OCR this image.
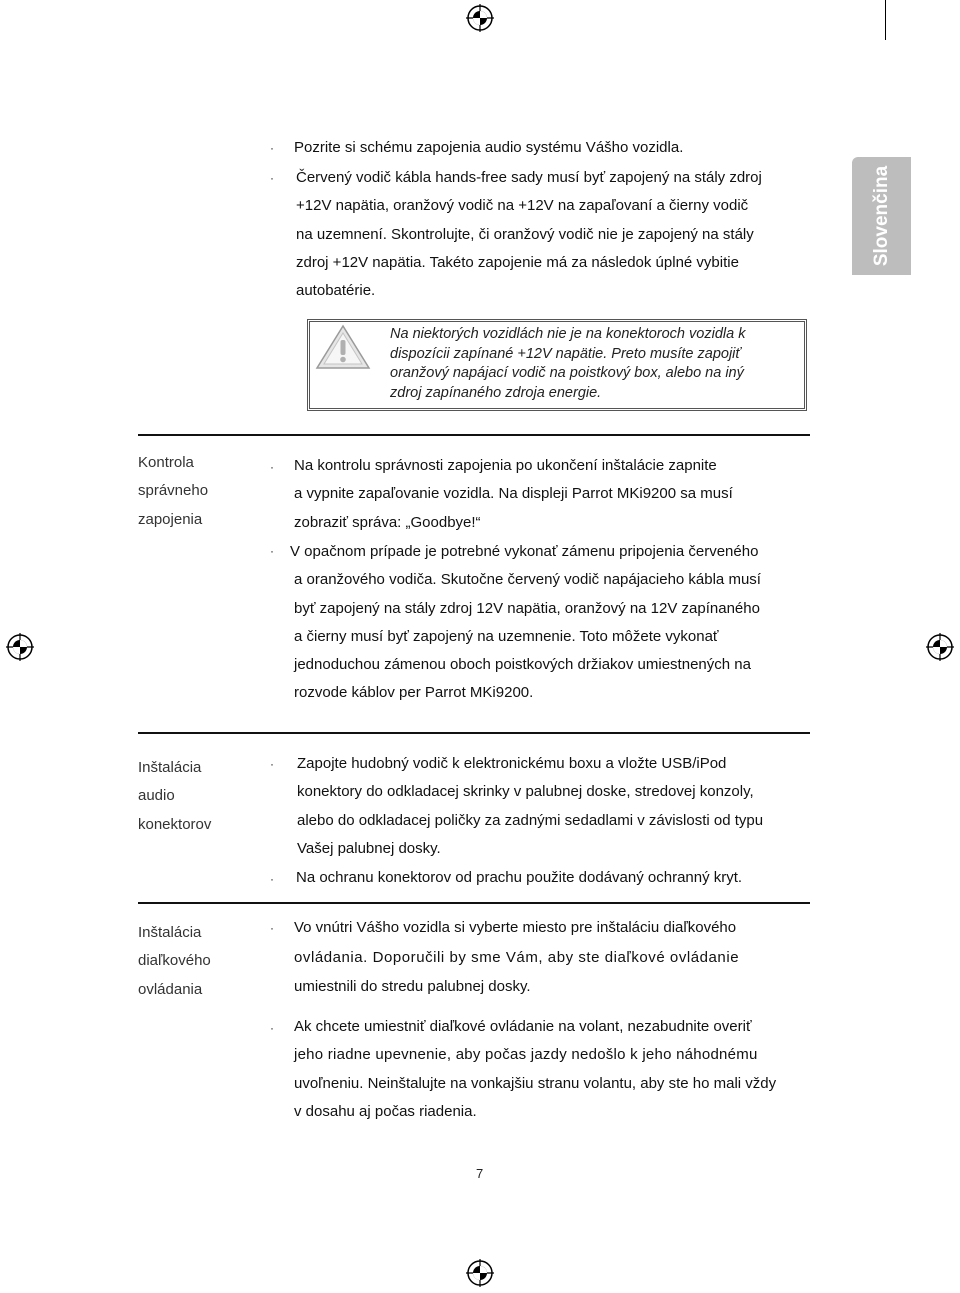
Slovenčina
· Pozrite si schému zapojenia audio systému Vášho vozidla.
· Červený vodič kábla hands-free sady musí byť zapojený na stály zdroj
+12V napätia, oranžový vodič na +12V na zapaľovaní a čierny vodič
na uzemnení. Skontrolujte, či oranžový vodič nie je zapojený na stály
zdroj +12V napätia. Takéto zapojenie má za následok úplné vybitie
autobatérie.
Na niektorých vozidlách nie je na konektoroch vozidla k
dispozícii zapínané +12V napätie. Preto musíte zapojiť
oranžový napájací vodič na poistkový box, alebo na iný
zdroj zapínaného zdroja energie.
Kontrola
správneho
zapojenia
· Na kontrolu správnosti zapojenia po ukončení inštalácie zapnite
a vypnite zapaľovanie vozidla. Na displeji Parrot MKi9200 sa musí
zobraziť správa: „Goodbye!“
· V opačnom prípade je potrebné vykonať zámenu pripojenia červeného
a oranžového vodiča. Skutočne červený vodič napájacieho kábla musí
byť zapojený na stály zdroj 12V napätia, oranžový na 12V zapínaného
a čierny musí byť zapojený na uzemnenie. Toto môžete vykonať
jednoduchou zámenou oboch poistkových držiakov umiestnených na
rozvode káblov per Parrot MKi9200.
Inštalácia
audio
konektorov
· Zapojte hudobný vodič k elektronickému boxu a vložte USB/iPod
konektory do odkladacej skrinky v palubnej doske, stredovej konzoly,
alebo do odkladacej poličky za zadnými sedadlami v závislosti od typu
Vašej palubnej dosky.
· Na ochranu konektorov od prachu použite dodávaný ochranný kryt.
Inštalácia
diaľkového
ovládania
· Vo vnútri Vášho vozidla si vyberte miesto pre inštaláciu diaľkového
ovládania. Doporučili by sme Vám, aby ste diaľkové ovládanie
umiestnili do stredu palubnej dosky.
· Ak chcete umiestniť diaľkové ovládanie na volant, nezabudnite overiť
jeho riadne upevnenie, aby počas jazdy nedošlo k jeho náhodnému
uvoľneniu. Neinštalujte na vonkajšiu stranu volantu, aby ste ho mali vždy
v dosahu aj počas riadenia.
7
